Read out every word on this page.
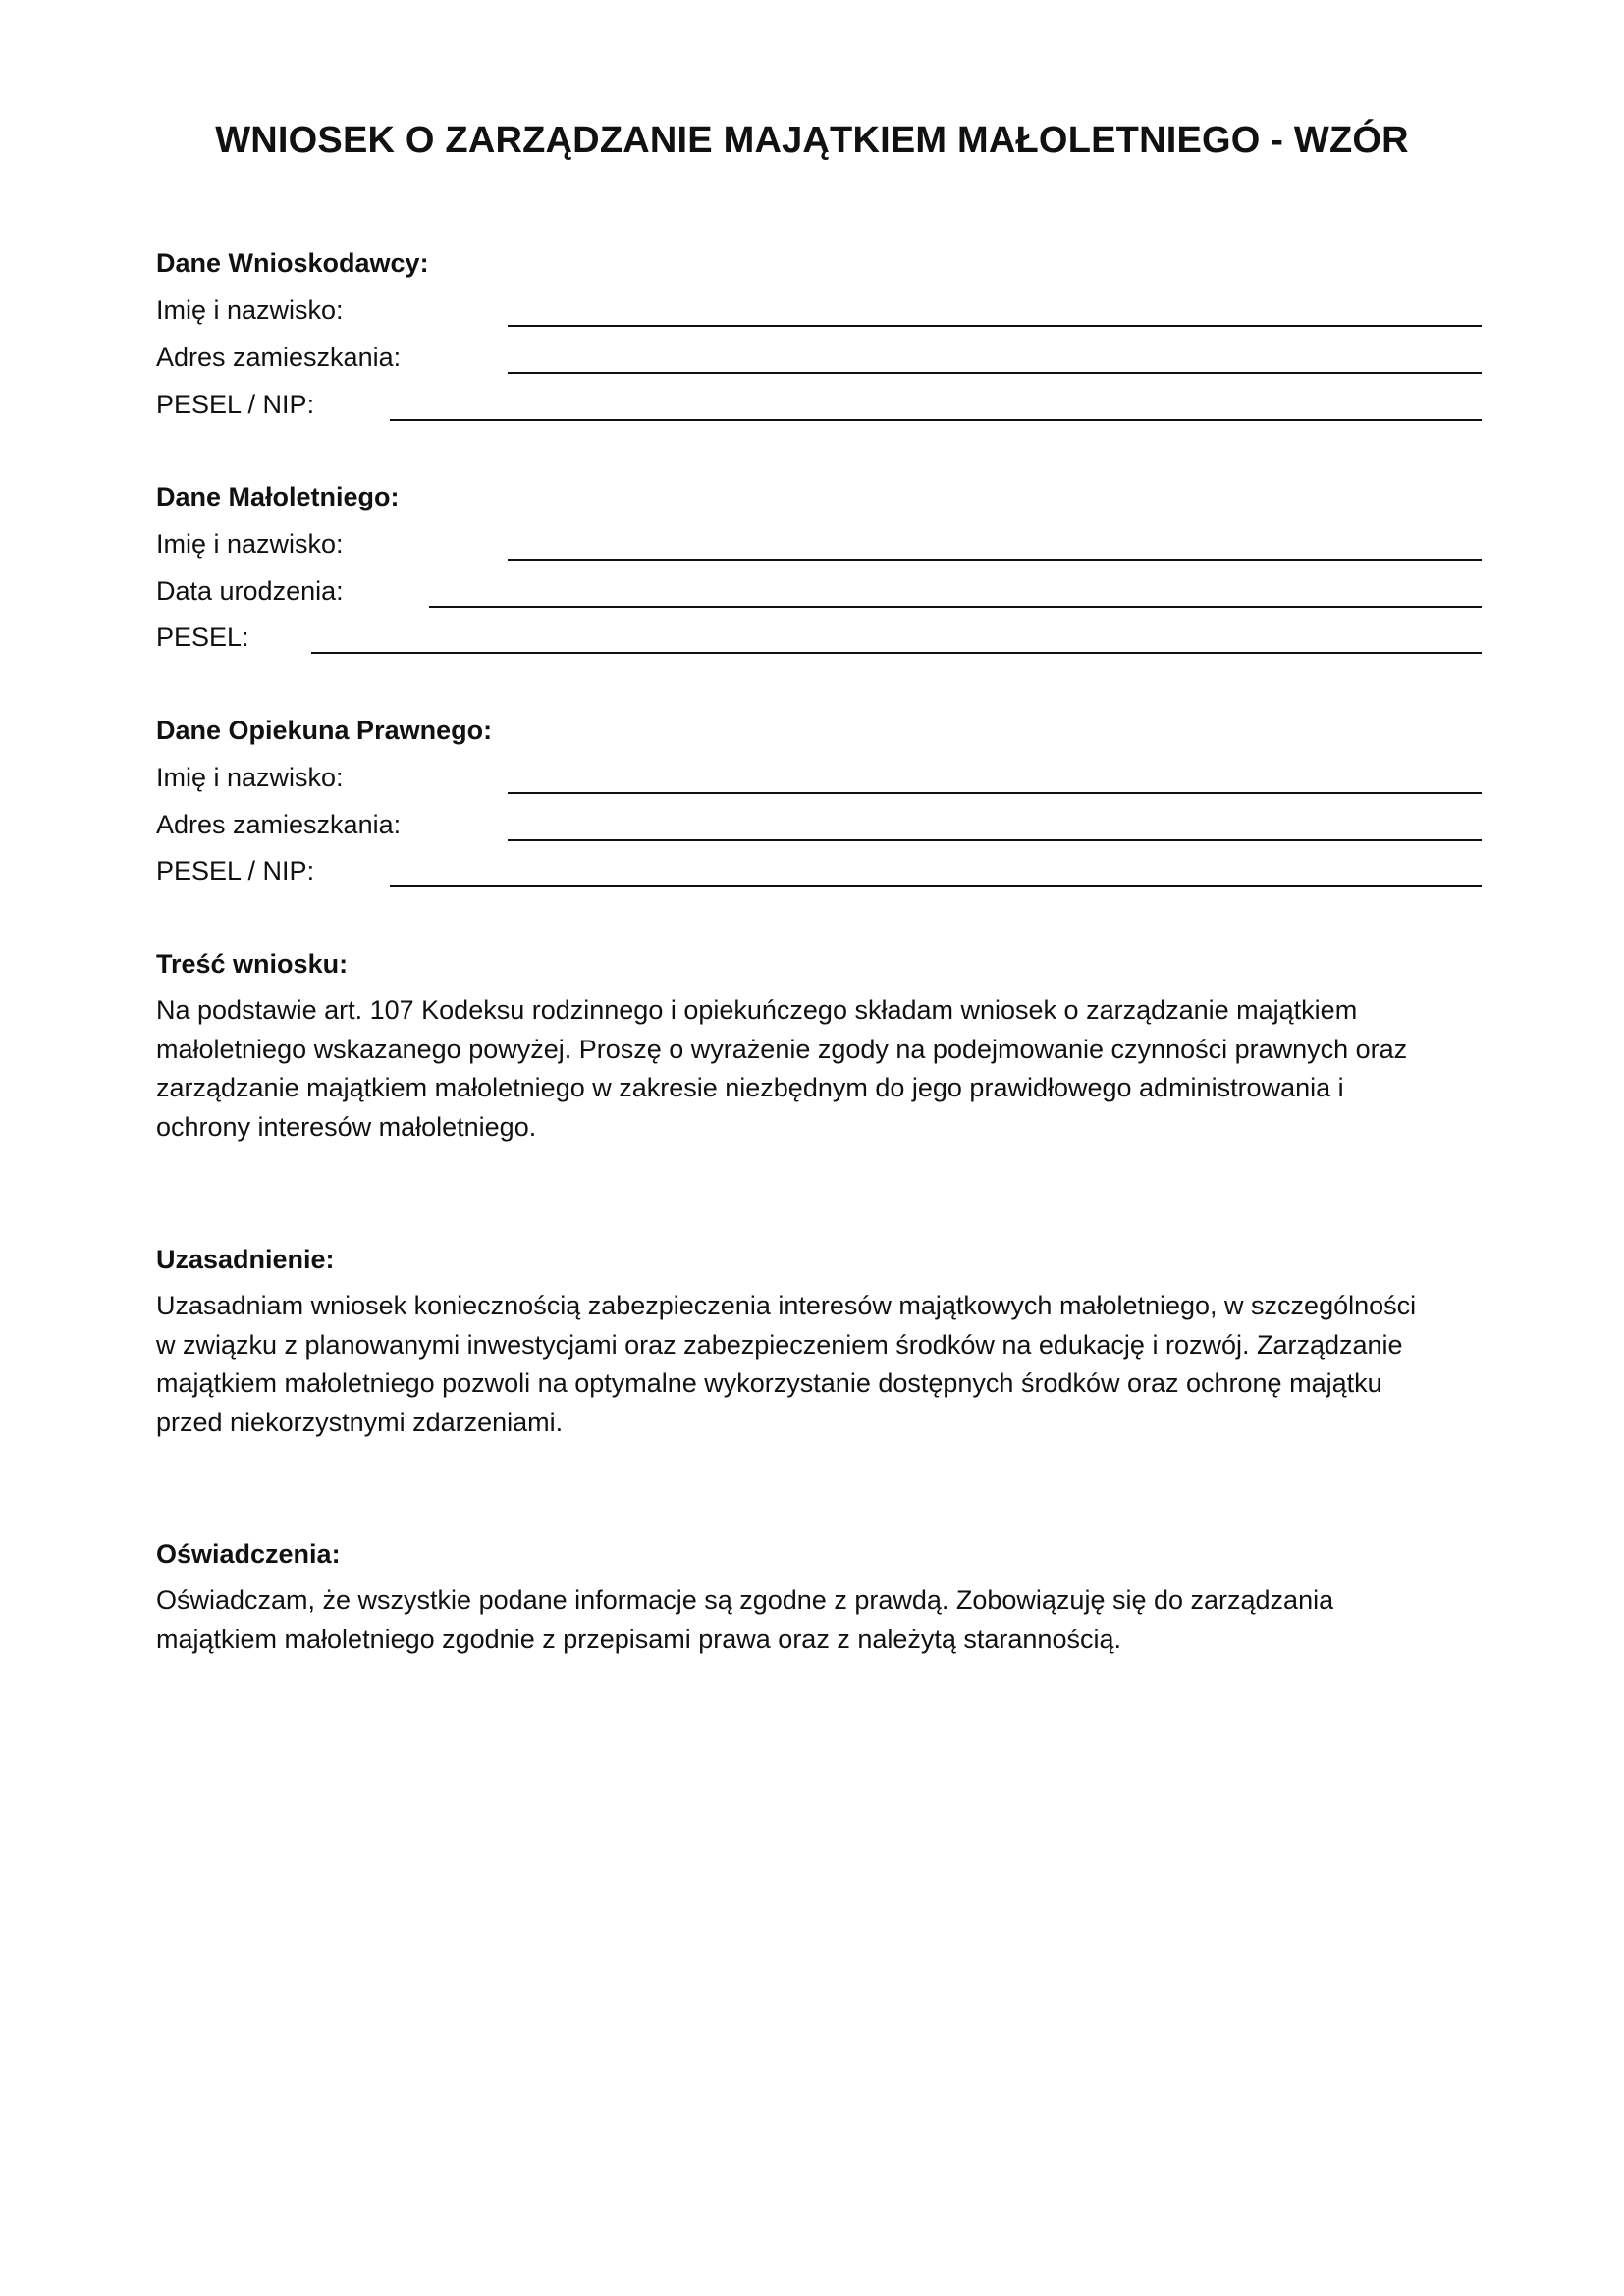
WNIOSEK O ZARZĄDZANIE MAJĄTKIEM MAŁOLETNIEGO - WZÓR
Dane Wnioskodawcy:
Imię i nazwisko:
Adres zamieszkania:
PESEL / NIP:
Dane Małoletniego:
Imię i nazwisko:
Data urodzenia:
PESEL:
Dane Opiekuna Prawnego:
Imię i nazwisko:
Adres zamieszkania:
PESEL / NIP:
Treść wniosku:
Na podstawie art. 107 Kodeksu rodzinnego i opiekuńczego składam wniosek o zarządzanie majątkiem
małoletniego wskazanego powyżej. Proszę o wyrażenie zgody na podejmowanie czynności prawnych oraz
zarządzanie majątkiem małoletniego w zakresie niezbędnym do jego prawidłowego administrowania i
ochrony interesów małoletniego.
Uzasadnienie:
Uzasadniam wniosek koniecznością zabezpieczenia interesów majątkowych małoletniego, w szczególności
w związku z planowanymi inwestycjami oraz zabezpieczeniem środków na edukację i rozwój. Zarządzanie
majątkiem małoletniego pozwoli na optymalne wykorzystanie dostępnych środków oraz ochronę majątku
przed niekorzystnymi zdarzeniami.
Oświadczenia:
Oświadczam, że wszystkie podane informacje są zgodne z prawdą. Zobowiązuję się do zarządzania
majątkiem małoletniego zgodnie z przepisami prawa oraz z należytą starannością.
